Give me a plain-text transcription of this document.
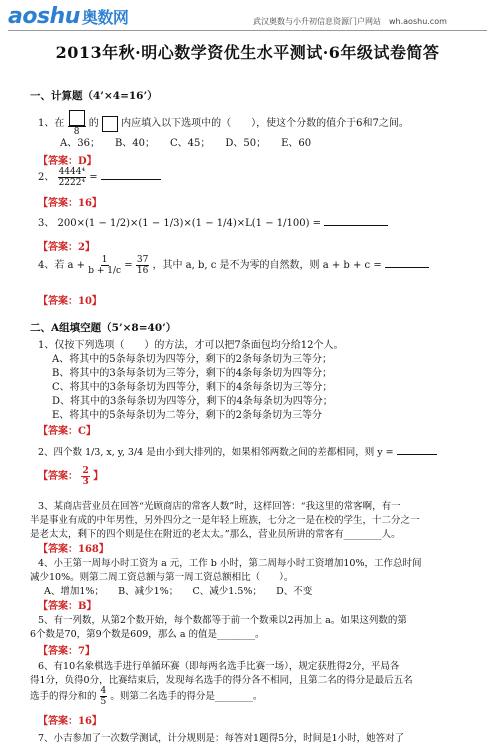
aoshu 奥数网	武汉奥数与小升初信息资源门户网站　wh.aoshu.com
2013年秋·明心数学资优生水平测试·6年级试卷简答
一、计算题（4’×4=16’）
1、在
8
的 内应填入以下选项中的（　　），使这个分数的值介于6和7之间。
A、36；　　B、40；　　C、45；　　D、50；　　E、60
【答案：D】
2、 $\frac{\text{4444⁴}}{\text{2222⁴}}$ =
【答案：16】
3、 200×(1 − 1/2)×(1 − 1/3)×(1 − 1/4)×L(1 − 1/100) =
【答案：2】
4、若 $a + \frac{1}{b + 1/c} = \frac{37}{16}$ ，其中 a, b, c 是不为零的自然数，则 a + b + c =
【答案：10】
二、A组填空题（5’×8=40’）
1、仅按下列选项（　　）的方法，才可以把7条面包均分给12个人。
A、将其中的5条每条切为四等分，剩下的2条每条切为三等分；
B、将其中的3条每条切为三等分，剩下的4条每条切为四等分；
C、将其中的3条每条切为四等分，剩下的4条每条切为三等分；
D、将其中的3条每条切为四等分，剩下的4条每条切为四等分；
E、将其中的5条每条切为二等分，剩下的2条每条切为三等分
【答案：C】
2、四个数 1/3, x, y, 3/4 是由小到大排列的，如果相邻两数之间的差都相同，则 y =
【答案： $\frac{2}{3}$ 】
3、某商店营业员在回答“光顾商店的常客人数”时，这样回答：“我这里的常客啊，有一
半是事业有成的中年男性，另外四分之一是年轻上班族，七分之一是在校的学生，十二分之一
是老太太，剩下的四个则是住在附近的老太太。”那么，营业员所讲的常客有________人。
【答案：168】
4、小王第一周每小时工资为 a 元，工作 b 小时，第二周每小时工资增加10%，工作总时间
减少10%。则第二周工资总额与第一周工资总额相比（　　）。
A、增加1%；　　B、减少1%；　　C、减少1.5%；　　D、不变
【答案：B】
5、有一列数，从第2个数开始，每个数都等于前一个数乘以2再加上 a。如果这列数的第
6个数是70，第9个数是609，那么 a 的值是________。
【答案：7】
6、有10名象棋选手进行单循环赛（即每两名选手比赛一场），规定获胜得2分，平局各
得1分，负得0分，比赛结束后，发现每名选手的得分各不相同，且第二名的得分是最后五名
选手的得分和的 $\frac{4}{5}$ 。则第二名选手的得分是________。
【答案：16】
7、小吉参加了一次数学测试，计分规则是：每答对1题得5分，时间是1小时，她答对了
